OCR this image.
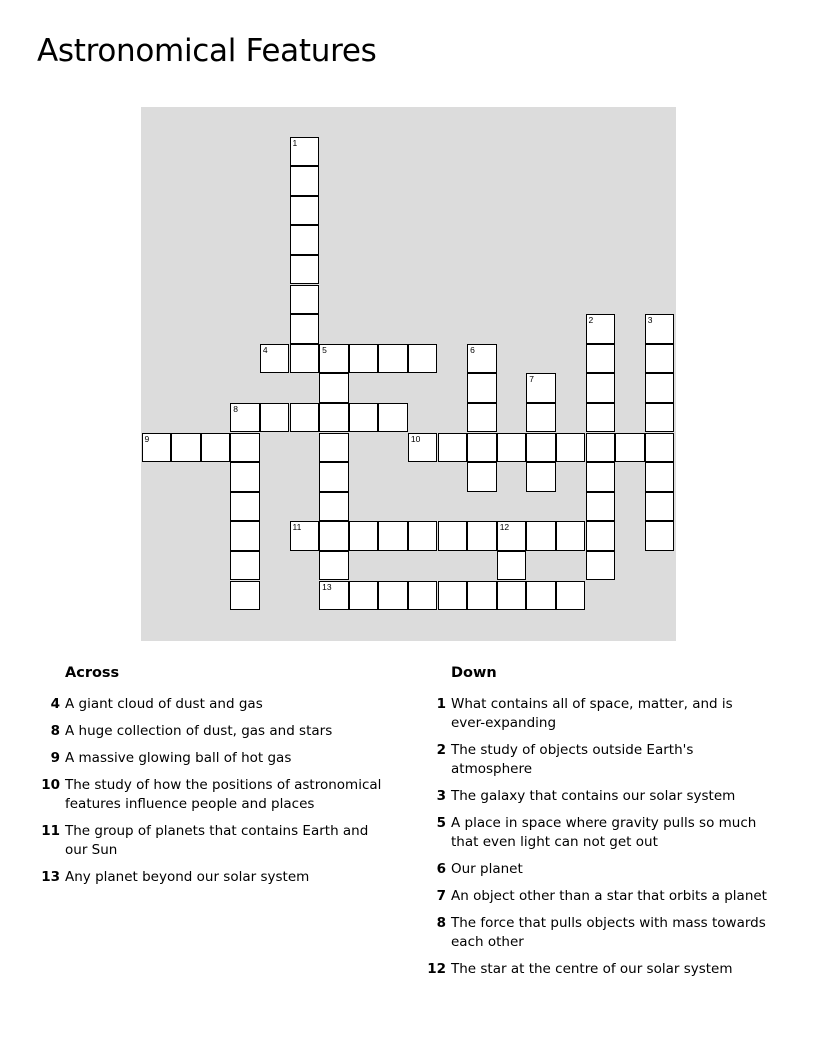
Astronomical Features
1
2	3
4	5	6
7
8
9	10
11	12
13
Across
4 A giant cloud of dust and gas
8 A huge collection of dust, gas and stars
9 A massive glowing ball of hot gas
10 The study of how the positions of astronomical features influence people and places
11 The group of planets that contains Earth and our Sun
13 Any planet beyond our solar system
Down
1 What contains all of space, matter, and is ever-expanding
2 The study of objects outside Earth's atmosphere
3 The galaxy that contains our solar system
5 A place in space where gravity pulls so much that even light can not get out
6 Our planet
7 An object other than a star that orbits a planet
8 The force that pulls objects with mass towards each other
12 The star at the centre of our solar system
